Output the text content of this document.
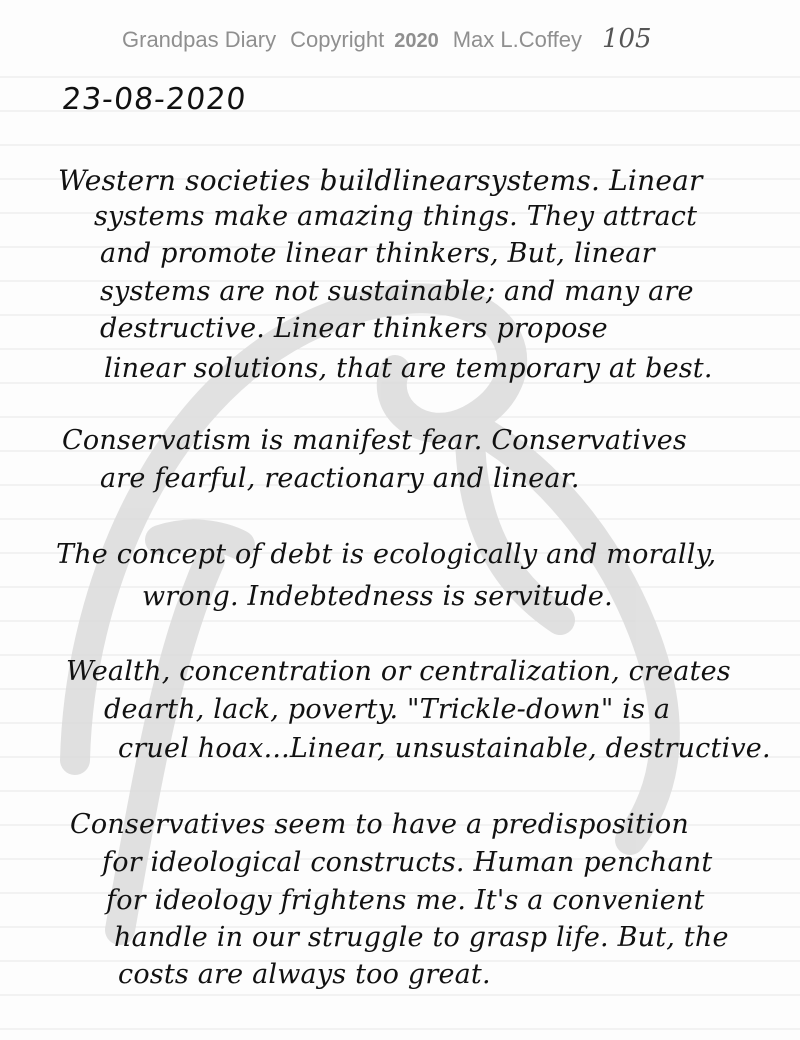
Grandpas Diary Copyright 2020 Max L.Coffey 105
23-08-2020
Western societies buildlinearsystems. Linear
systems make amazing things. They attract
and promote linear thinkers, But, linear
systems are not sustainable; and many are
destructive. Linear thinkers propose
linear solutions, that are temporary at best.
Conservatism is manifest fear. Conservatives
are fearful, reactionary and linear.
The concept of debt is ecologically and morally,
wrong. Indebtedness is servitude.
Wealth, concentration or centralization, creates
dearth, lack, poverty. "Trickle-down" is a
cruel hoax...Linear, unsustainable, destructive.
Conservatives seem to have a predisposition
for ideological constructs. Human penchant
for ideology frightens me. It's a convenient
handle in our struggle to grasp life. But, the
costs are always too great.
